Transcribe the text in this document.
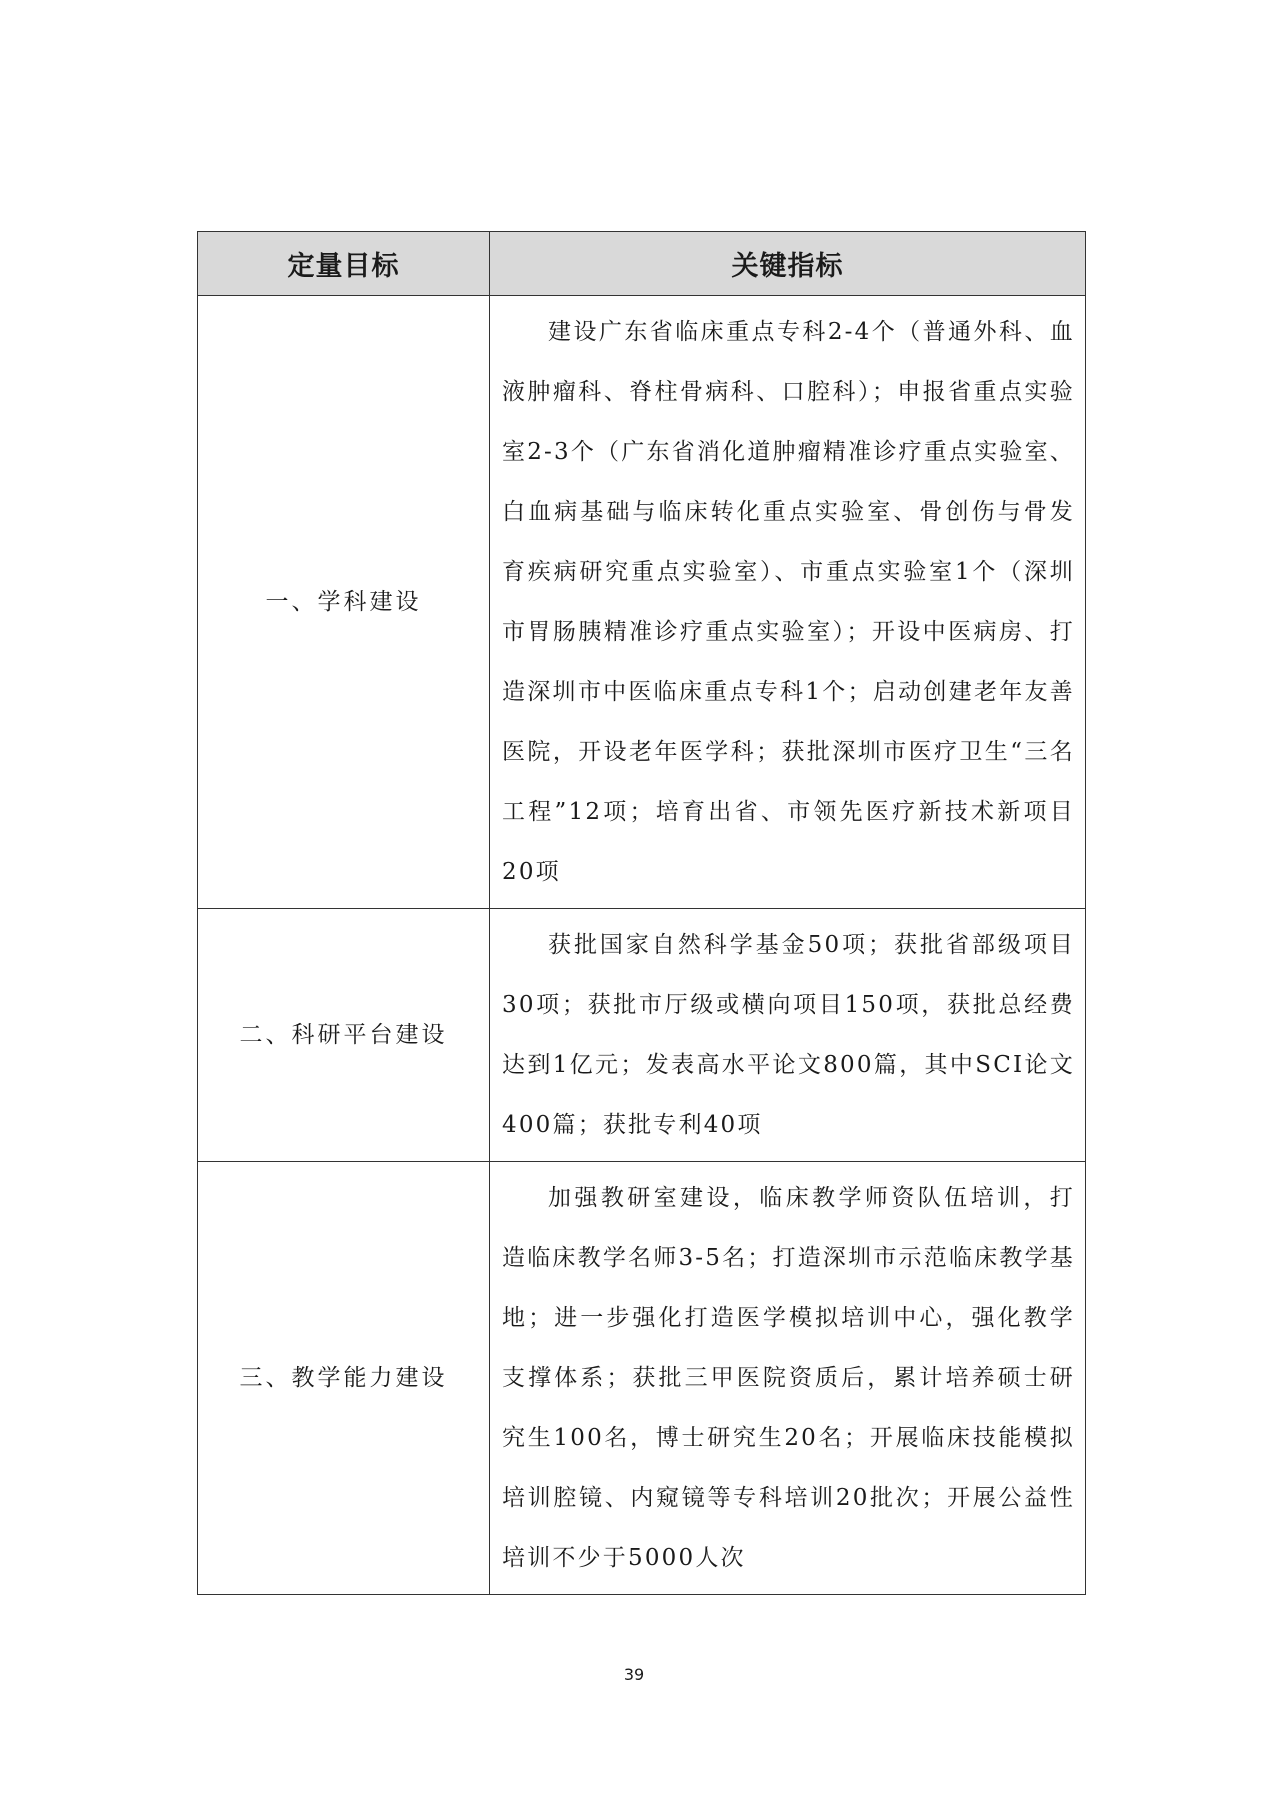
定量目标	关键指标
一、学科建设	建设广东省临床重点专科2-4个（普通外科、血液肿瘤科、脊柱骨病科、口腔科）；申报省重点实验室2-3个（广东省消化道肿瘤精准诊疗重点实验室、白血病基础与临床转化重点实验室、骨创伤与骨发育疾病研究重点实验室）、市重点实验室1个（深圳市胃肠胰精准诊疗重点实验室）；开设中医病房、打造深圳市中医临床重点专科1个；启动创建老年友善医院，开设老年医学科；获批深圳市医疗卫生“三名工程”12项；培育出省、市领先医疗新技术新项目20项

二、科研平台建设	获批国家自然科学基金50项；获批省部级项目30项；获批市厅级或横向项目150项，获批总经费达到1亿元；发表高水平论文800篇，其中SCI论文400篇；获批专利40项

三、教学能力建设	加强教研室建设，临床教学师资队伍培训，打造临床教学名师3-5名；打造深圳市示范临床教学基地；进一步强化打造医学模拟培训中心，强化教学支撑体系；获批三甲医院资质后，累计培养硕士研究生100名，博士研究生20名；开展临床技能模拟培训腔镜、内窥镜等专科培训20批次；开展公益性培训不少于5000人次

39
